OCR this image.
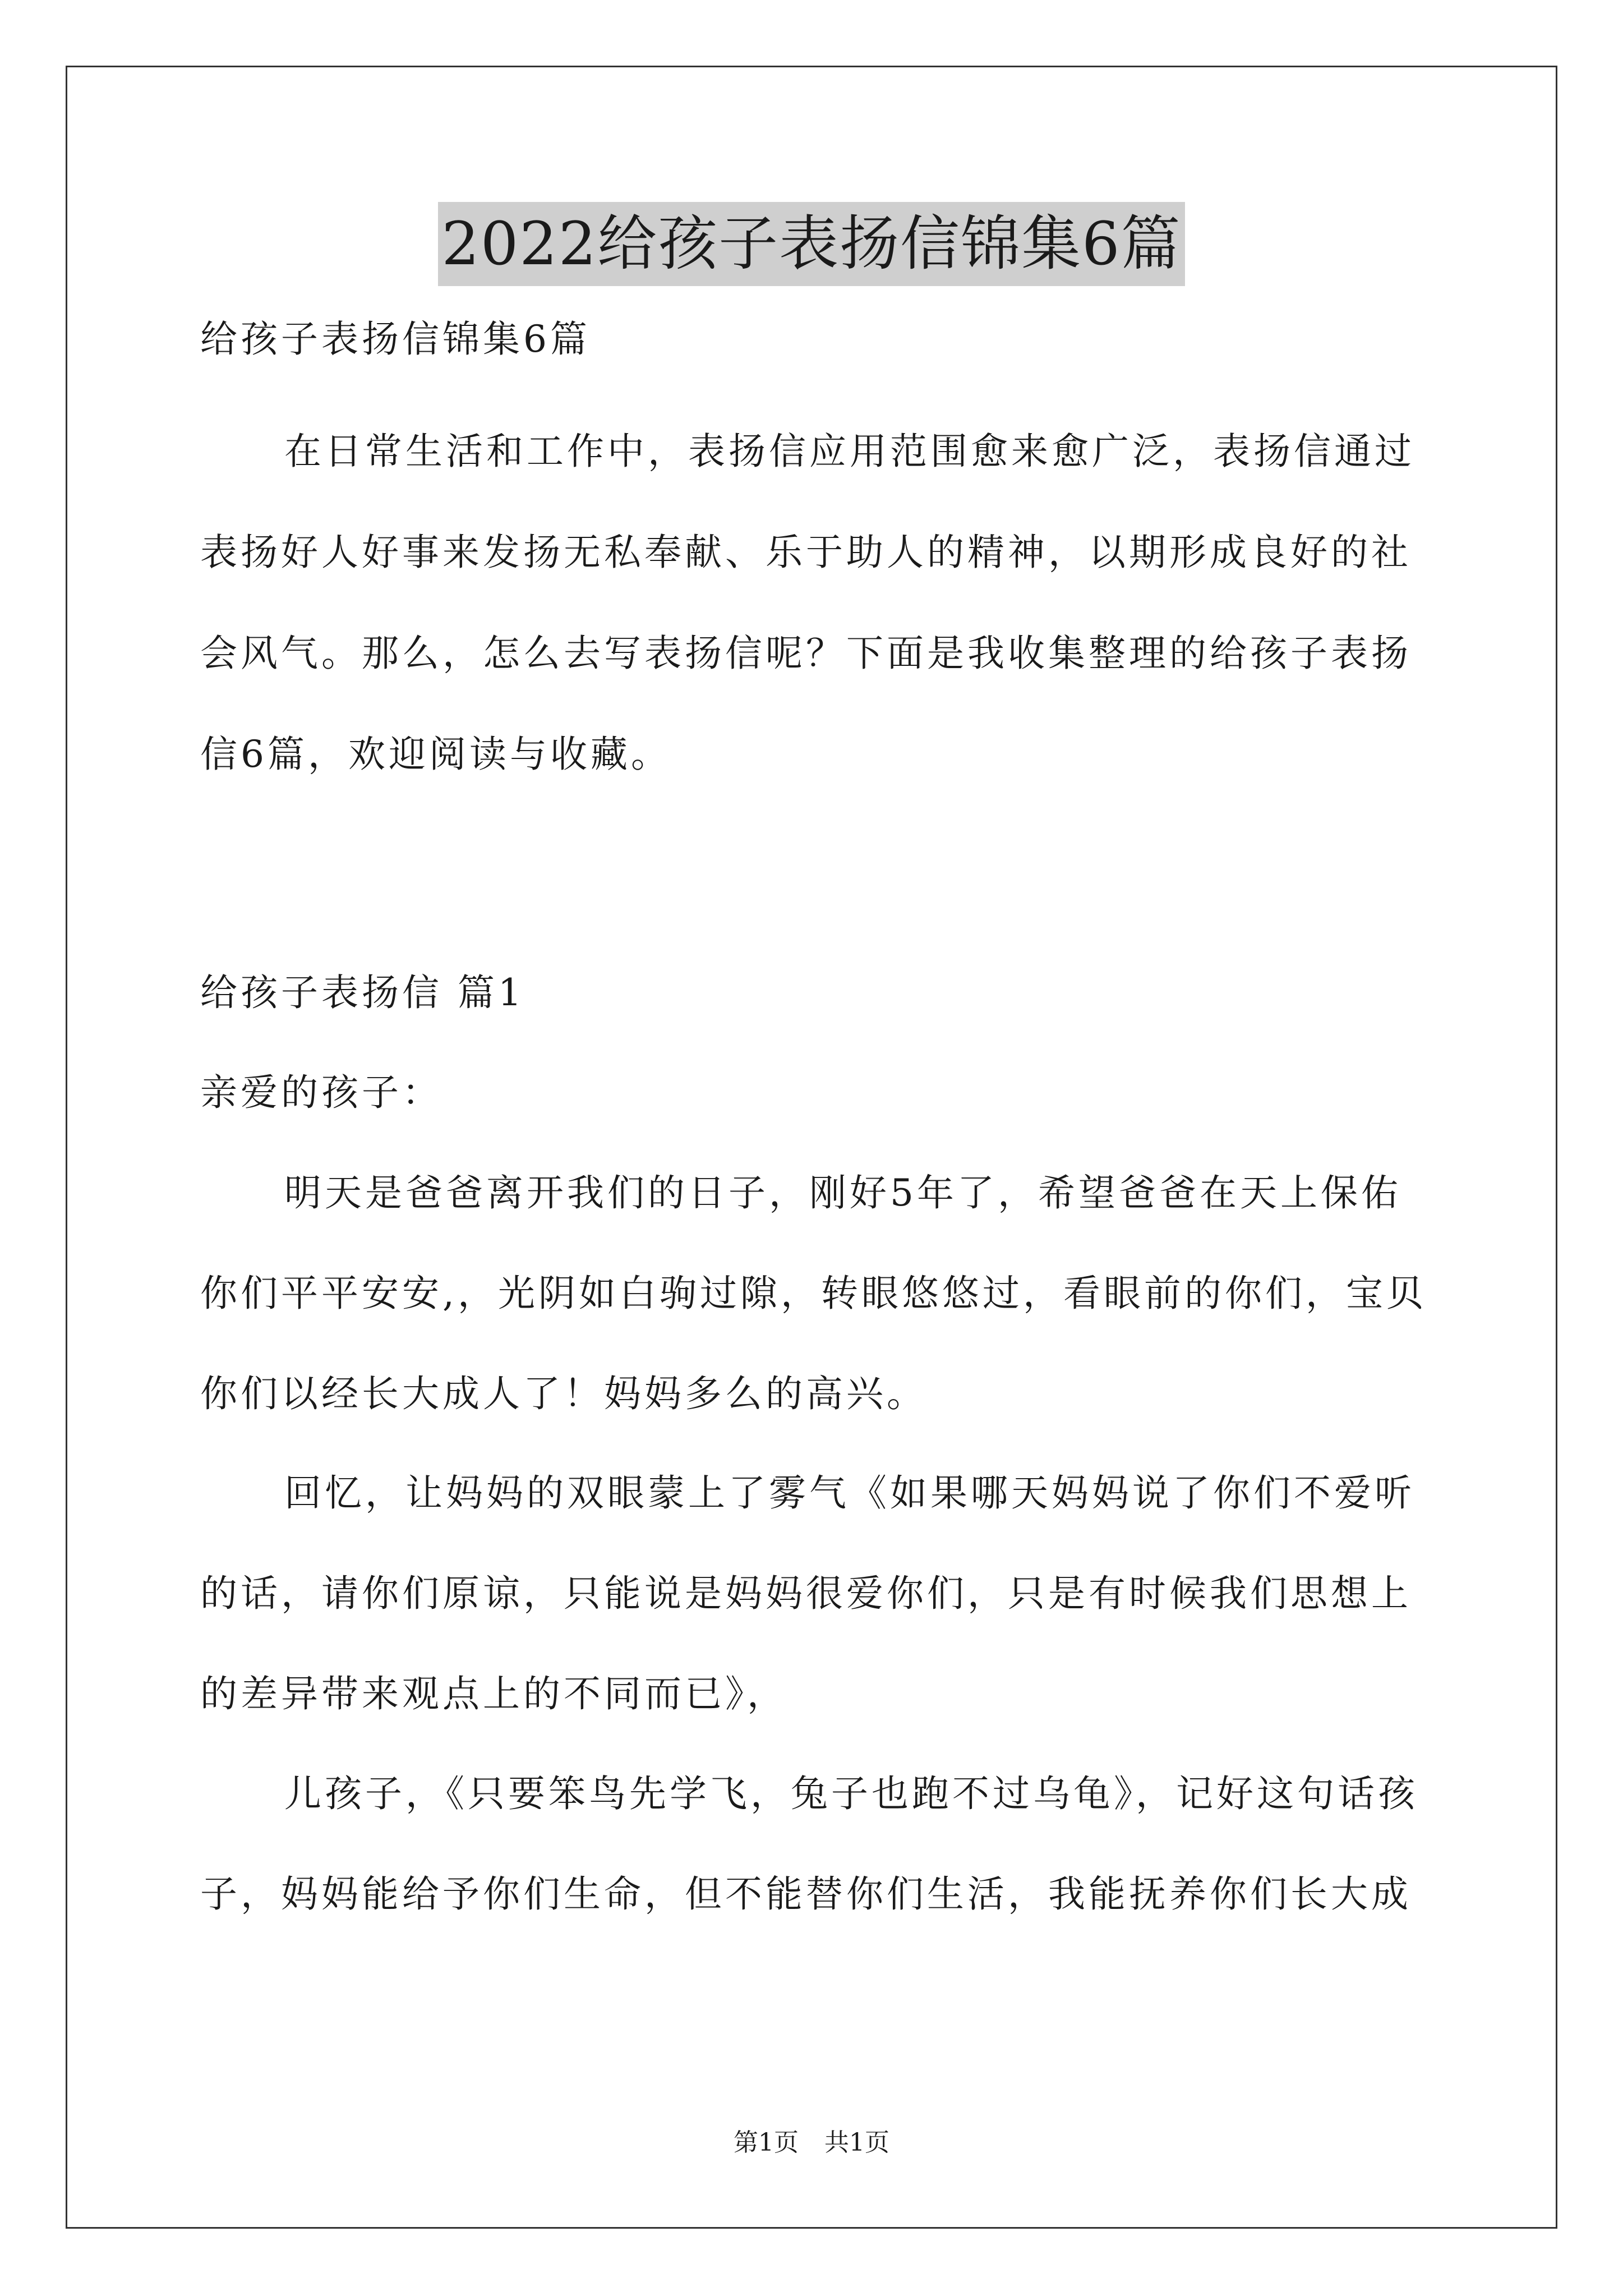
2022给孩子表扬信锦集6篇
给孩子表扬信锦集6篇
在日常生活和工作中，表扬信应用范围愈来愈广泛，表扬信通过
表扬好人好事来发扬无私奉献、乐于助人的精神，以期形成良好的社
会风气。那么，怎么去写表扬信呢？下面是我收集整理的给孩子表扬
信6篇，欢迎阅读与收藏。
给孩子表扬信 篇1
亲爱的孩子：
明天是爸爸离开我们的日子，刚好5年了，希望爸爸在天上保佑
你们平平安安,，光阴如白驹过隙，转眼悠悠过，看眼前的你们，宝贝
你们以经长大成人了！妈妈多么的高兴。
回忆，让妈妈的双眼蒙上了雾气《如果哪天妈妈说了你们不爱听
的话，请你们原谅，只能说是妈妈很爱你们，只是有时候我们思想上
的差异带来观点上的不同而已》，
儿孩子，《只要笨鸟先学飞，兔子也跑不过乌龟》，记好这句话孩
子，妈妈能给予你们生命，但不能替你们生活，我能抚养你们长大成
第1页 共1页
